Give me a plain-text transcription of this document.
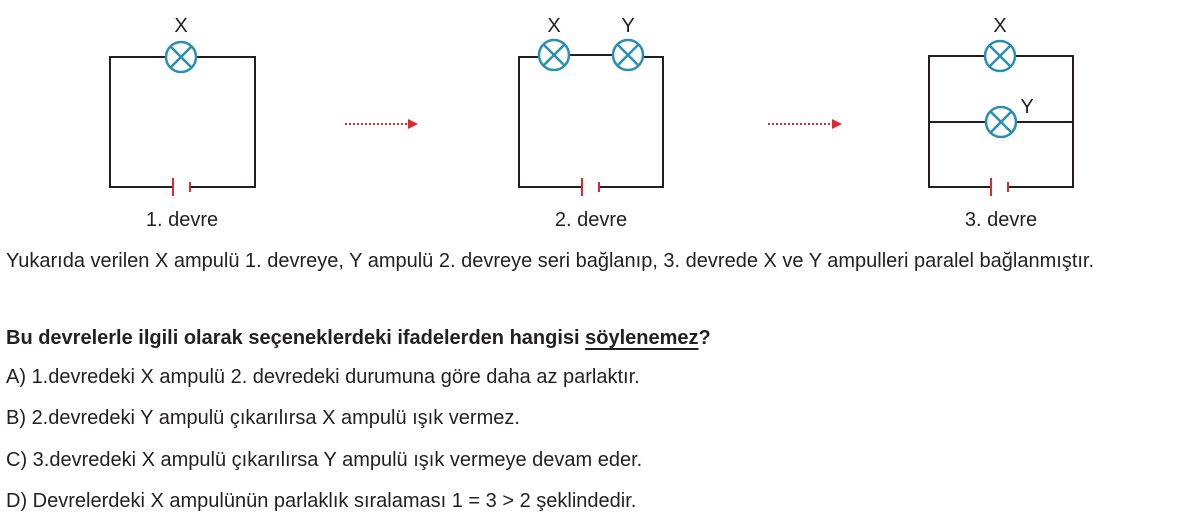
X
1. devre
X	Y
2. devre
X
Y
3. devre

Yukarıda verilen X ampulü 1. devreye, Y ampulü 2. devreye seri bağlanıp, 3. devrede X ve Y ampulleri paralel bağlanmıştır.

Bu devrelerle ilgili olarak seçeneklerdeki ifadelerden hangisi söylenemez?

A) 1.devredeki X ampulü 2. devredeki durumuna göre daha az parlaktır.

B) 2.devredeki Y ampulü çıkarılırsa X ampulü ışık vermez.

C) 3.devredeki X ampulü çıkarılırsa Y ampulü ışık vermeye devam eder.

D) Devrelerdeki X ampulünün parlaklık sıralaması 1 = 3 > 2 şeklindedir.
